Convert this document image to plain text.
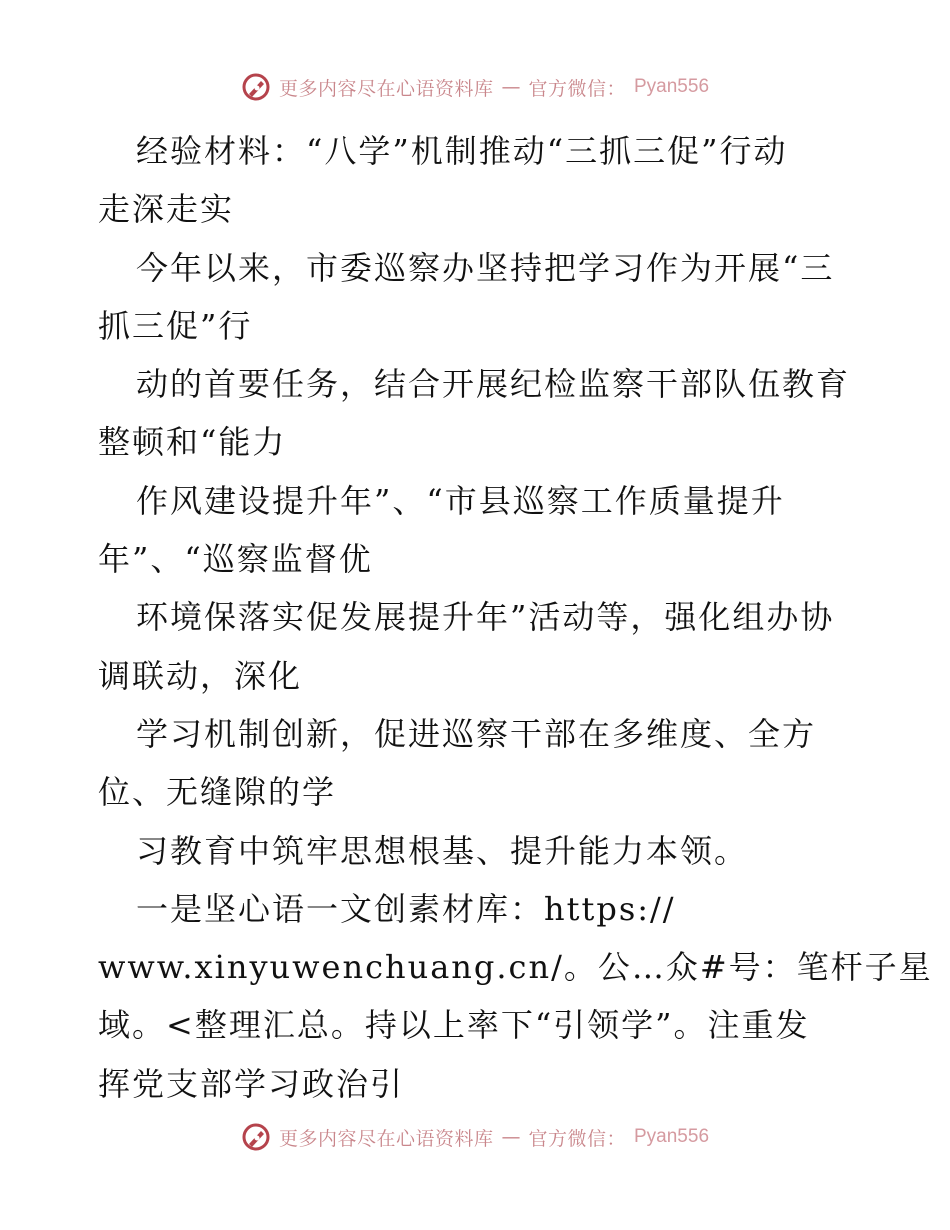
更多内容尽在心语资料库 — 官方微信： Pyan556
经验材料：“八学”机制推动“三抓三促”行动
走深走实
今年以来，市委巡察办坚持把学习作为开展“三
抓三促”行
动的首要任务，结合开展纪检监察干部队伍教育
整顿和“能力
作风建设提升年”、“市县巡察工作质量提升
年”、“巡察监督优
环境保落实促发展提升年”活动等，强化组办协
调联动，深化
学习机制创新，促进巡察干部在多维度、全方
位、无缝隙的学
习教育中筑牢思想根基、提升能力本领。
一是坚心语一文创素材库：https://
www.xinyuwenchuang.cn/。公…众#号：笔杆子星
域。<整理汇总。持以上率下“引领学”。注重发
挥党支部学习政治引
更多内容尽在心语资料库 — 官方微信： Pyan556
